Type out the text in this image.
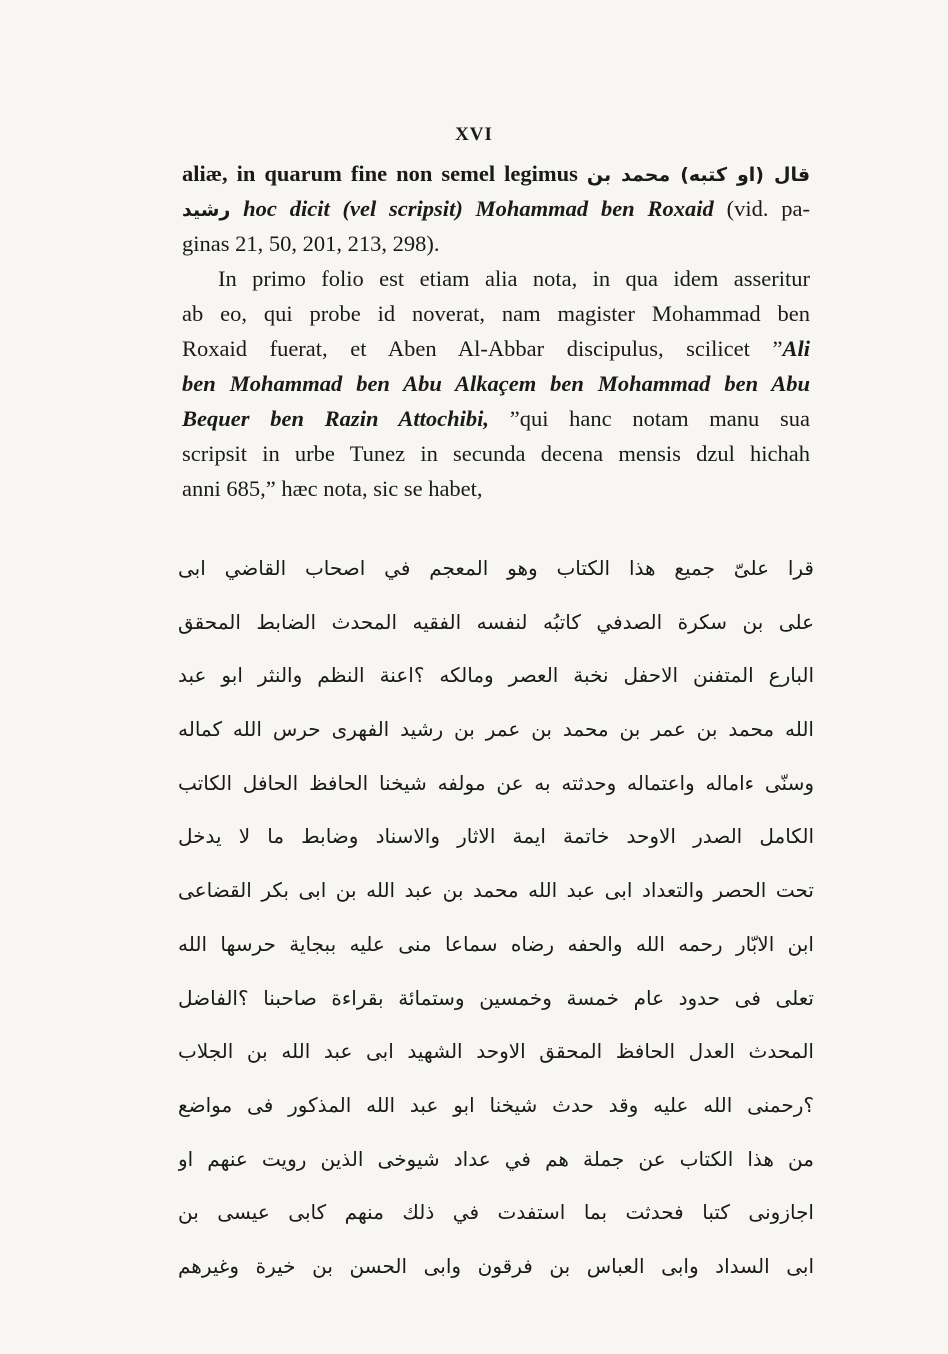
XVI
aliæ, in quarum fine non semel legimus قال (او كتبه) محمد بن
رشيد hoc dicit (vel scripsit) Mohammad ben Roxaid (vid. pa-
ginas 21, 50, 201, 213, 298).
In primo folio est etiam alia nota, in qua idem asseritur
ab eo, qui probe id noverat, nam magister Mohammad ben
Roxaid fuerat, et Aben Al-Abbar discipulus, scilicet ”Ali
ben Mohammad ben Abu Alkaçem ben Mohammad ben Abu
Bequer ben Razin Attochibi, ”qui hanc notam manu sua
scripsit in urbe Tunez in secunda decena mensis dzul hichah
anni 685,” hæc nota, sic se habet,
قرا علىّ جميع هذا الكتاب وهو المعجم في اصحاب القاضي ابى
على بن سكرة الصدفي كاتبُه لنفسه الفقيه المحدث الضابط المحقق
البارع المتفنن الاحفل نخبة العصر ومالكه ؟اعنة النظم والنثر ابو عبد
الله محمد بن عمر بن محمد بن عمر بن رشيد الفهرى حرس الله كماله
وسنّى ءاماله واعتماله وحدثته به عن مولفه شيخنا الحافظ الحافل الكاتب
الكامل الصدر الاوحد خاتمة ايمة الاثار والاسناد وضابط ما لا يدخل
تحت الحصر والتعداد ابى عبد الله محمد بن عبد الله بن ابى بكر القضاعى
ابن الابّار رحمه الله والحفه رضاه سماعا منى عليه ببجاية حرسها الله
تعلى فى حدود عام خمسة وخمسين وستمائة بقراءة صاحبنا ؟الفاضل
المحدث العدل الحافظ المحقق الاوحد الشهيد ابى عبد الله بن الجلاب
؟رحمنى الله عليه وقد حدث شيخنا ابو عبد الله المذكور فى مواضع
من هذا الكتاب عن جملة هم في عداد شيوخى الذين رويت عنهم او
اجازونى كتبا فحدثت بما استفدت في ذلك منهم كابى عيسى بن
ابى السداد وابى العباس بن فرقون وابى الحسن بن خيرة وغيرهم
